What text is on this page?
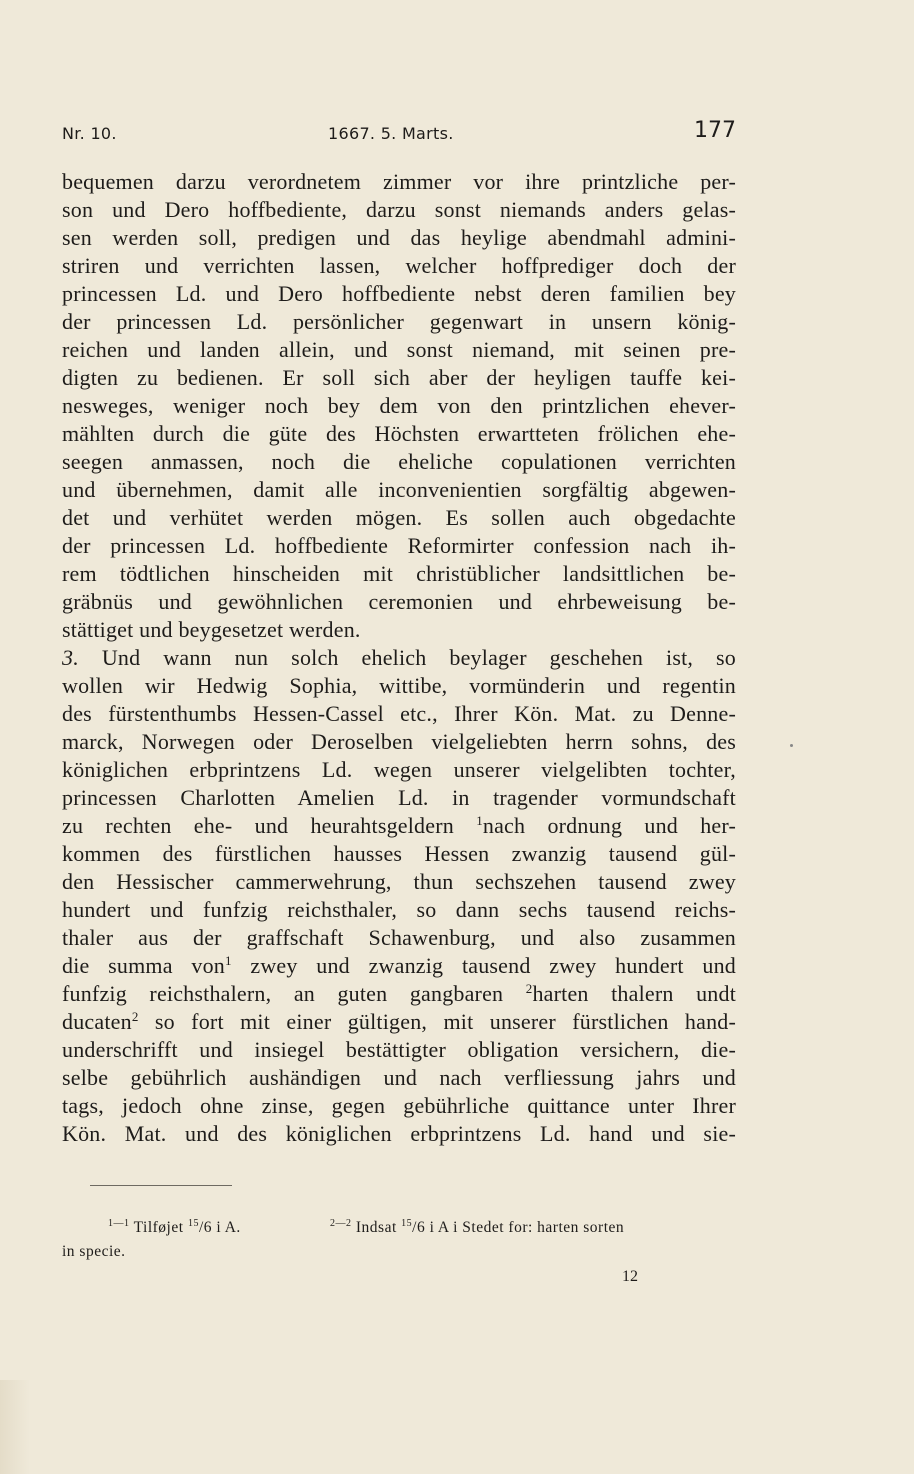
Nr. 10.	1667. 5. Marts.	177
bequemen darzu verordnetem zimmer vor ihre printzliche per-
son und Dero hoffbediente, darzu sonst niemands anders gelas-
sen werden soll, predigen und das heylige abendmahl admini-
striren und verrichten lassen, welcher hoffprediger doch der
princessen Ld. und Dero hoffbediente nebst deren familien bey
der princessen Ld. persönlicher gegenwart in unsern könig-
reichen und landen allein, und sonst niemand, mit seinen pre-
digten zu bedienen. Er soll sich aber der heyligen tauffe kei-
nesweges, weniger noch bey dem von den printzlichen ehever-
mählten durch die güte des Höchsten erwartteten frölichen ehe-
seegen anmassen, noch die eheliche copulationen verrichten
und übernehmen, damit alle inconvenientien sorgfältig abgewen-
det und verhütet werden mögen. Es sollen auch obgedachte
der princessen Ld. hoffbediente Reformirter confession nach ih-
rem tödtlichen hinscheiden mit christüblicher landsittlichen be-
gräbnüs und gewöhnlichen ceremonien und ehrbeweisung be-
stättiget und beygesetzet werden.
3. Und wann nun solch ehelich beylager geschehen ist, so
wollen wir Hedwig Sophia, wittibe, vormünderin und regentin
des fürstenthumbs Hessen-Cassel etc., Ihrer Kön. Mat. zu Denne-
marck, Norwegen oder Deroselben vielgeliebten herrn sohns, des
königlichen erbprintzens Ld. wegen unserer vielgelibten tochter,
princessen Charlotten Amelien Ld. in tragender vormundschaft
zu rechten ehe- und heurahtsgeldern $^1$nach ordnung und her-
kommen des fürstlichen hausses Hessen zwanzig tausend gül-
den Hessischer cammerwehrung, thun sechszehen tausend zwey
hundert und funfzig reichsthaler, so dann sechs tausend reichs-
thaler aus der graffschaft Schawenburg, und also zusammen
die summa von$^1$ zwey und zwanzig tausend zwey hundert und
funfzig reichsthalern, an guten gangbaren $^2$harten thalern undt
ducaten$^2$ so fort mit einer gültigen, mit unserer fürstlichen hand-
underschrifft und insiegel bestättigter obligation versichern, die-
selbe gebührlich aushändigen und nach verfliessung jahrs und
tags, jedoch ohne zinse, gegen gebührliche quittance unter Ihrer
Kön. Mat. und des königlichen erbprintzens Ld. hand und sie-
$^{1—1}$ Tilføjet $^{15}$/6 i A.	$^{2—2}$ Indsat $^{15}$/6 i A i Stedet for: harten sorten
in specie.
12
